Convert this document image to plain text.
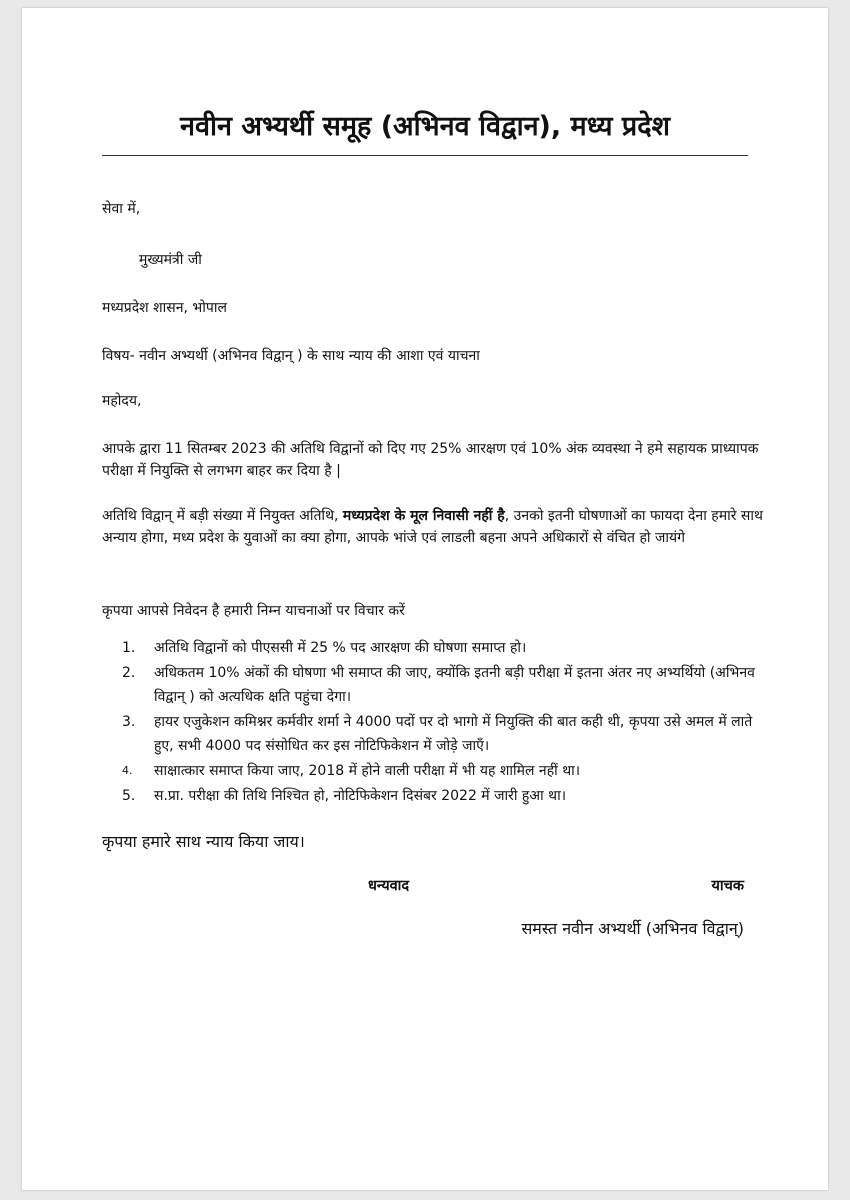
नवीन अभ्यर्थी समूह (अभिनव विद्वान), मध्य प्रदेश
सेवा में,
मुख्यमंत्री जी
मध्यप्रदेश शासन, भोपाल
विषय- नवीन अभ्यर्थी (अभिनव विद्वान् ) के साथ न्याय की आशा एवं याचना
महोदय,
आपके द्वारा 11 सितम्बर 2023 की अतिथि विद्वानों को दिए गए 25% आरक्षण एवं 10% अंक व्यवस्था ने हमे सहायक प्राध्यापक परीक्षा में नियुक्ति से लगभग बाहर कर दिया है |
अतिथि विद्वान् में बड़ी संख्या में नियुक्त अतिथि, मध्यप्रदेश के मूल निवासी नहीं है, उनको इतनी घोषणाओं का फायदा देना हमारे साथ अन्याय होगा, मध्य प्रदेश के युवाओं का क्या होगा, आपके भांजे एवं लाडली बहना अपने अधिकारों से वंचित हो जायंगे
कृपया आपसे निवेदन है हमारी निम्न याचनाओं पर विचार करें
1. अतिथि विद्वानों को पीएससी में 25 % पद आरक्षण की घोषणा समाप्त हो।
2. अधिकतम 10% अंकों की घोषणा भी समाप्त की जाए, क्योंकि इतनी बड़ी परीक्षा में इतना अंतर नए अभ्यर्थियो (अभिनव विद्वान् ) को अत्यधिक क्षति पहुंचा देगा।
3. हायर एजुकेशन कमिश्नर कर्मवीर शर्मा ने 4000 पदों पर दो भागो में नियुक्ति की बात कही थी, कृपया उसे अमल में लाते हुए, सभी 4000 पद संसोधित कर इस नोटिफिकेशन में जोड़े जाएँ।
4. साक्षात्कार समाप्त किया जाए, 2018 में होने वाली परीक्षा में भी यह शामिल नहीं था।
5. स.प्रा. परीक्षा की तिथि निश्चित हो, नोटिफिकेशन दिसंबर 2022 में जारी हुआ था।
कृपया हमारे साथ न्याय किया जाय।
धन्यवाद	याचक
समस्त नवीन अभ्यर्थी (अभिनव विद्वान्)
